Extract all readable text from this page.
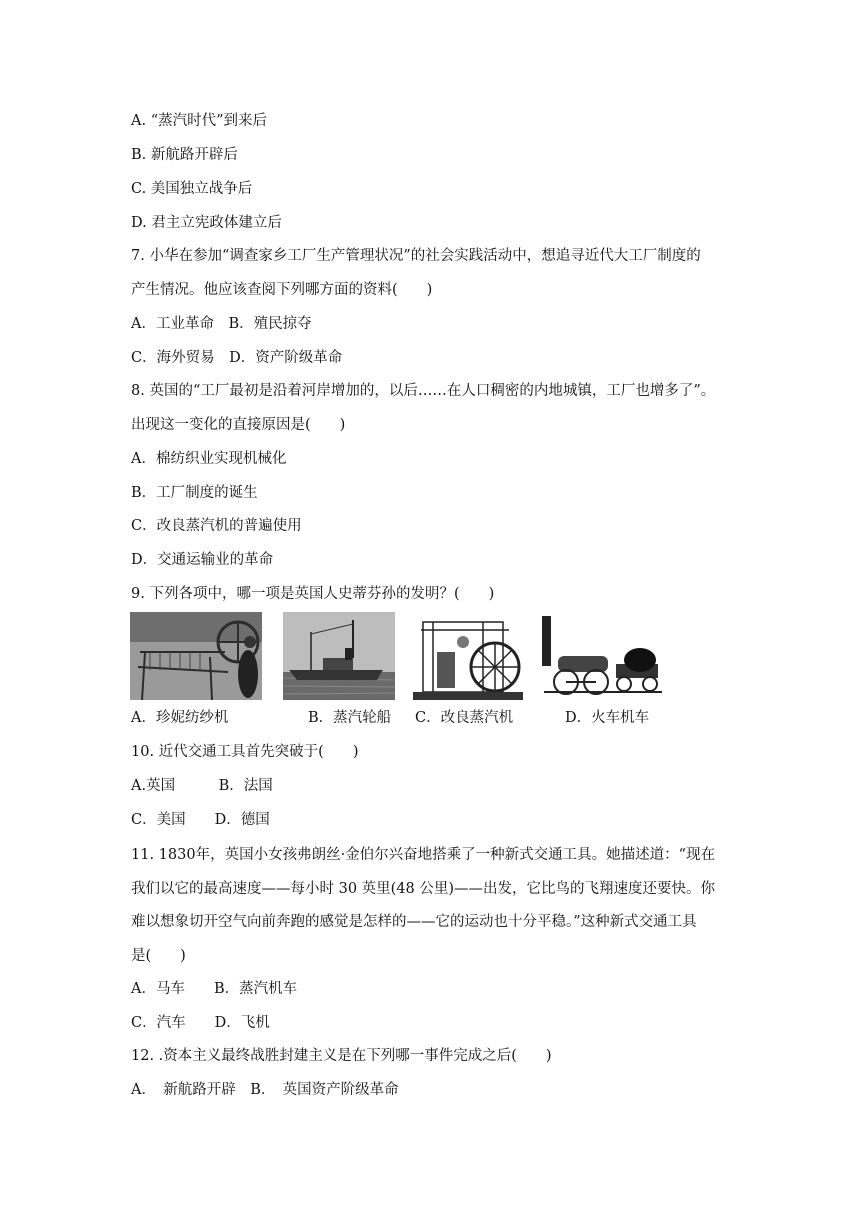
A. “蒸汽时代”到来后
B. 新航路开辟后
C. 美国独立战争后
D. 君主立宪政体建立后
7. 小华在参加“调查家乡工厂生产管理状况”的社会实践活动中，想追寻近代大工厂制度的
产生情况。他应该查阅下列哪方面的资料(　　)
A．工业革命　B．殖民掠夺
C．海外贸易　D．资产阶级革命
8. 英国的“工厂最初是沿着河岸增加的，以后……在人口稠密的内地城镇，工厂也增多了”。
出现这一变化的直接原因是(　　)
A．棉纺织业实现机械化
B．工厂制度的诞生
C．改良蒸汽机的普遍使用
D．交通运输业的革命
9. 下列各项中，哪一项是英国人史蒂芬孙的发明？(　　)
A．珍妮纺纱机	B．蒸汽轮船 C．改良蒸汽机	D．火车机车
10. 近代交通工具首先突破于(　　)
A.英国　　　B．法国
C．美国　　D．德国
11. 1830年，英国小女孩弗朗丝·金伯尔兴奋地搭乘了一种新式交通工具。她描述道：“现在
我们以它的最高速度——每小时 30 英里(48 公里)——出发，它比鸟的飞翔速度还要快。你
难以想象切开空气向前奔跑的感觉是怎样的——它的运动也十分平稳。”这种新式交通工具
是(　　)
A．马车　　B．蒸汽机车
C．汽车　　D．飞机
12. .资本主义最终战胜封建主义是在下列哪一事件完成之后(　　)
A．　新航路开辟　B．　英国资产阶级革命
